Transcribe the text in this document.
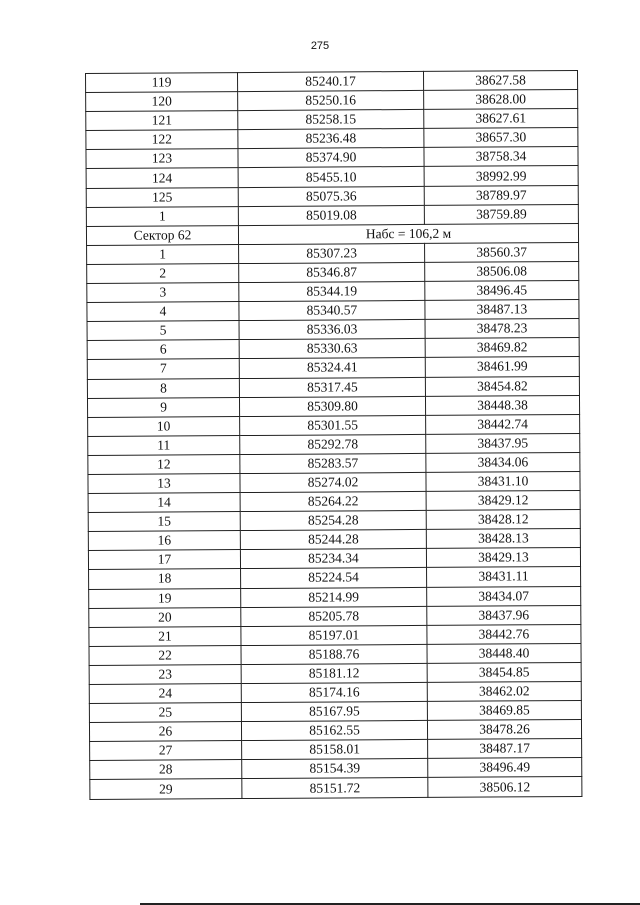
275
119	85240.17	38627.58
120	85250.16	38628.00
121	85258.15	38627.61
122	85236.48	38657.30
123	85374.90	38758.34
124	85455.10	38992.99
125	85075.36	38789.97
1	85019.08	38759.89
Сектор 62	Набс = 106,2 м	
1	85307.23	38560.37
2	85346.87	38506.08
3	85344.19	38496.45
4	85340.57	38487.13
5	85336.03	38478.23
6	85330.63	38469.82
7	85324.41	38461.99
8	85317.45	38454.82
9	85309.80	38448.38
10	85301.55	38442.74
11	85292.78	38437.95
12	85283.57	38434.06
13	85274.02	38431.10
14	85264.22	38429.12
15	85254.28	38428.12
16	85244.28	38428.13
17	85234.34	38429.13
18	85224.54	38431.11
19	85214.99	38434.07
20	85205.78	38437.96
21	85197.01	38442.76
22	85188.76	38448.40
23	85181.12	38454.85
24	85174.16	38462.02
25	85167.95	38469.85
26	85162.55	38478.26
27	85158.01	38487.17
28	85154.39	38496.49
29	85151.72	38506.12
